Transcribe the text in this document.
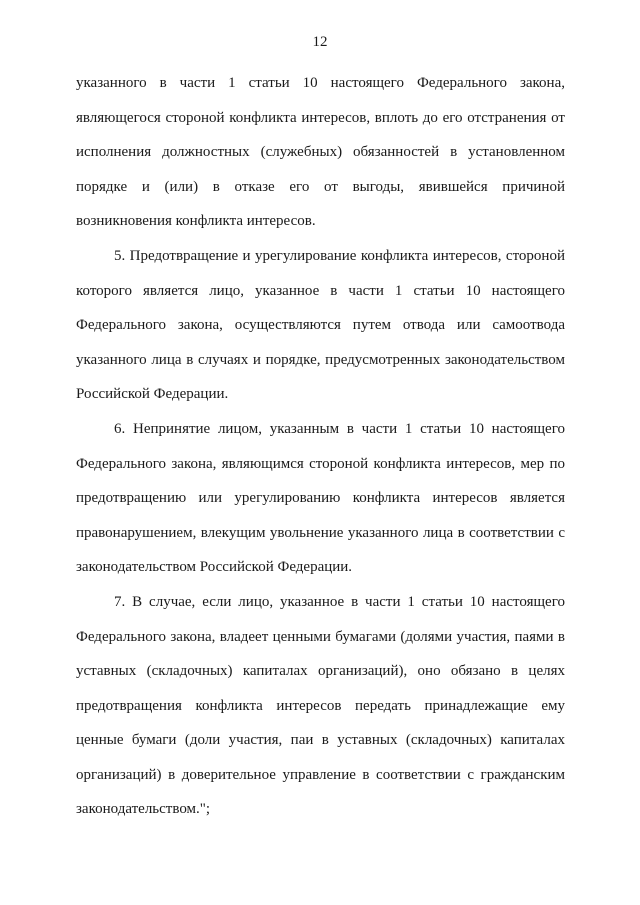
12

указанного в части 1 статьи 10 настоящего Федерального закона, являющегося стороной конфликта интересов, вплоть до его отстранения от исполнения должностных (служебных) обязанностей в установленном порядке и (или) в отказе его от выгоды, явившейся причиной возникновения конфликта интересов.

5. Предотвращение и урегулирование конфликта интересов, стороной которого является лицо, указанное в части 1 статьи 10 настоящего Федерального закона, осуществляются путем отвода или самоотвода указанного лица в случаях и порядке, предусмотренных законодательством Российской Федерации.

6. Непринятие лицом, указанным в части 1 статьи 10 настоящего Федерального закона, являющимся стороной конфликта интересов, мер по предотвращению или урегулированию конфликта интересов является правонарушением, влекущим увольнение указанного лица в соответствии с законодательством Российской Федерации.

7. В случае, если лицо, указанное в части 1 статьи 10 настоящего Федерального закона, владеет ценными бумагами (долями участия, паями в уставных (складочных) капиталах организаций), оно обязано в целях предотвращения конфликта интересов передать принадлежащие ему ценные бумаги (доли участия, паи в уставных (складочных) капиталах организаций) в доверительное управление в соответствии с гражданским законодательством.";
